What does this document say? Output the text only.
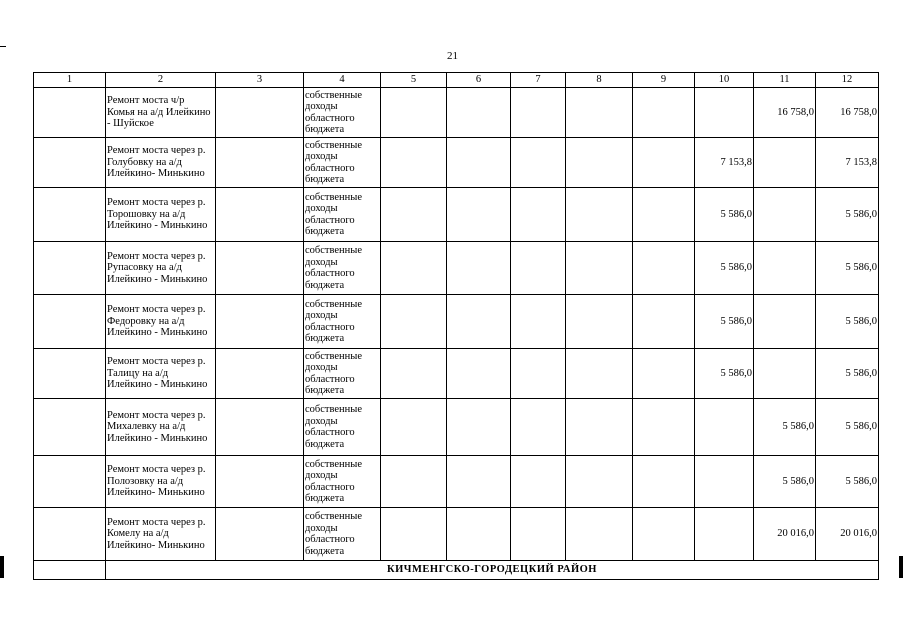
21
1	2	3	4	5	6	7	8	9	10	11	12
	Ремонт моста ч/р Комья на а/д Илейкино - Шуйское		собственные доходы областного бюджета							16 758,0	16 758,0
	Ремонт моста через р. Голубовку на а/д Илейкино- Минькино		собственные доходы областного бюджета						7 153,8		7 153,8
	Ремонт моста через р. Торошовку на а/д Илейкино - Минькино		собственные доходы областного бюджета						5 586,0		5 586,0
	Ремонт моста через р. Рупасовку на а/д Илейкино - Минькино		собственные доходы областного бюджета						5 586,0		5 586,0
	Ремонт моста через р. Федоровку на а/д Илейкино - Минькино		собственные доходы областного бюджета						5 586,0		5 586,0
	Ремонт моста через р. Талицу на а/д Илейкино - Минькино		собственные доходы областного бюджета						5 586,0		5 586,0
	Ремонт моста через р. Михалевку на а/д Илейкино - Минькино		собственные доходы областного бюджета							5 586,0	5 586,0
	Ремонт моста через р. Полозовку на а/д Илейкино- Минькино		собственные доходы областного бюджета							5 586,0	5 586,0
	Ремонт моста через р. Комелу на а/д Илейкино- Минькино		собственные доходы областного бюджета							20 016,0	20 016,0
	КИЧМЕНГСКО-ГОРОДЕЦКИЙ РАЙОН										
